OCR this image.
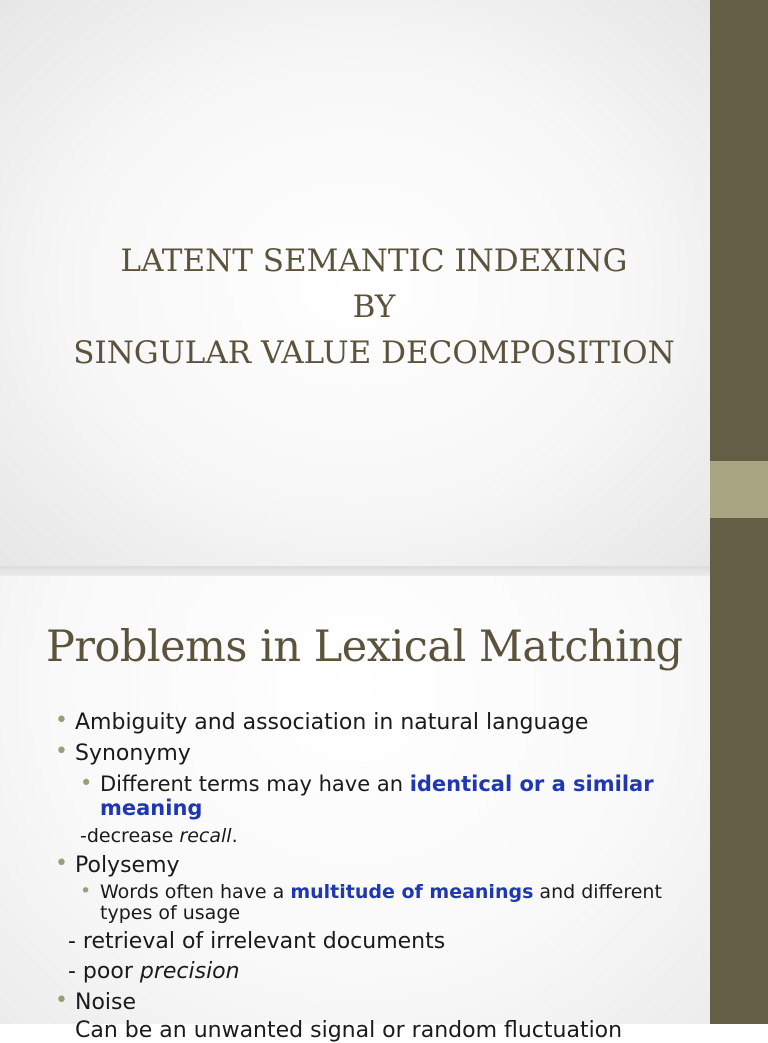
LATENT SEMANTIC INDEXING
BY
SINGULAR VALUE DECOMPOSITION
Problems in Lexical Matching
• Ambiguity and association in natural language
• Synonymy
• Different terms may have an identical or a similar
meaning
-decrease recall.
• Polysemy
• Words often have a multitude of meanings and different
types of usage
- retrieval of irrelevant documents
- poor precision
• Noise
Can be an unwanted signal or random fluctuation
